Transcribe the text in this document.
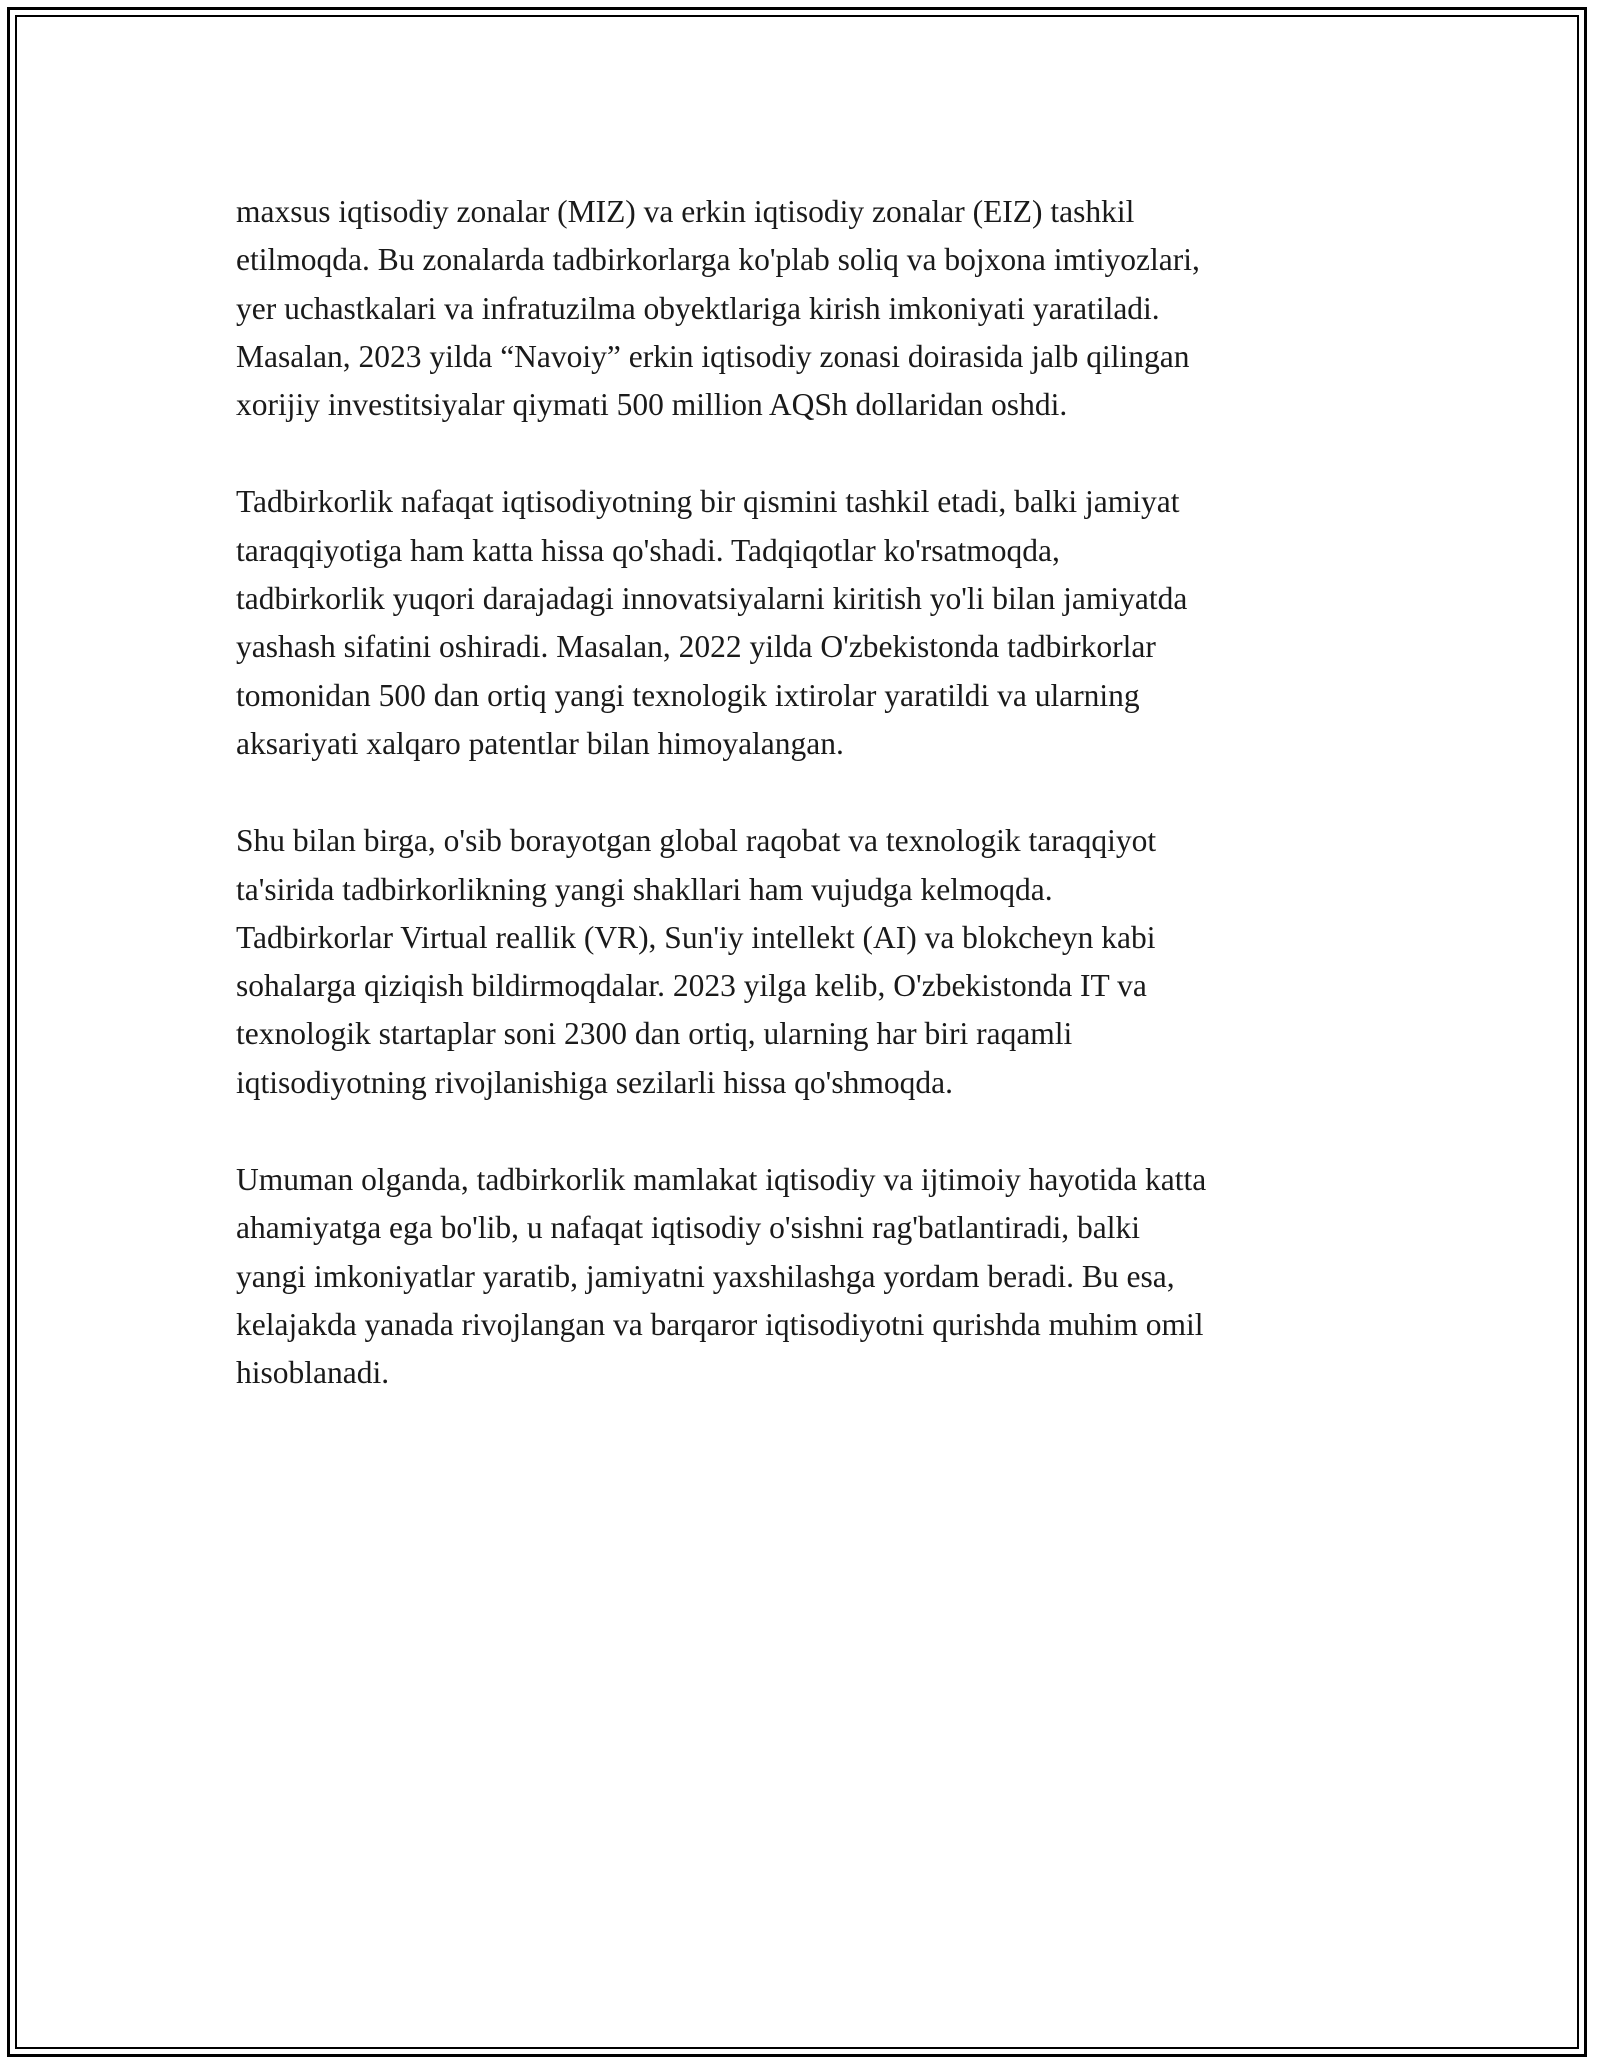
maxsus iqtisodiy zonalar (MIZ) va erkin iqtisodiy zonalar (EIZ) tashkil
etilmoqda. Bu zonalarda tadbirkorlarga ko'plab soliq va bojxona imtiyozlari,
yer uchastkalari va infratuzilma obyektlariga kirish imkoniyati yaratiladi.
Masalan, 2023 yilda “Navoiy” erkin iqtisodiy zonasi doirasida jalb qilingan
xorijiy investitsiyalar qiymati 500 million AQSh dollaridan oshdi.

Tadbirkorlik nafaqat iqtisodiyotning bir qismini tashkil etadi, balki jamiyat
taraqqiyotiga ham katta hissa qo'shadi. Tadqiqotlar ko'rsatmoqda,
tadbirkorlik yuqori darajadagi innovatsiyalarni kiritish yo'li bilan jamiyatda
yashash sifatini oshiradi. Masalan, 2022 yilda O'zbekistonda tadbirkorlar
tomonidan 500 dan ortiq yangi texnologik ixtirolar yaratildi va ularning
aksariyati xalqaro patentlar bilan himoyalangan.

Shu bilan birga, o'sib borayotgan global raqobat va texnologik taraqqiyot
ta'sirida tadbirkorlikning yangi shakllari ham vujudga kelmoqda.
Tadbirkorlar Virtual reallik (VR), Sun'iy intellekt (AI) va blokcheyn kabi
sohalarga qiziqish bildirmoqdalar. 2023 yilga kelib, O'zbekistonda IT va
texnologik startaplar soni 2300 dan ortiq, ularning har biri raqamli
iqtisodiyotning rivojlanishiga sezilarli hissa qo'shmoqda.

Umuman olganda, tadbirkorlik mamlakat iqtisodiy va ijtimoiy hayotida katta
ahamiyatga ega bo'lib, u nafaqat iqtisodiy o'sishni rag'batlantiradi, balki
yangi imkoniyatlar yaratib, jamiyatni yaxshilashga yordam beradi. Bu esa,
kelajakda yanada rivojlangan va barqaror iqtisodiyotni qurishda muhim omil
hisoblanadi.
